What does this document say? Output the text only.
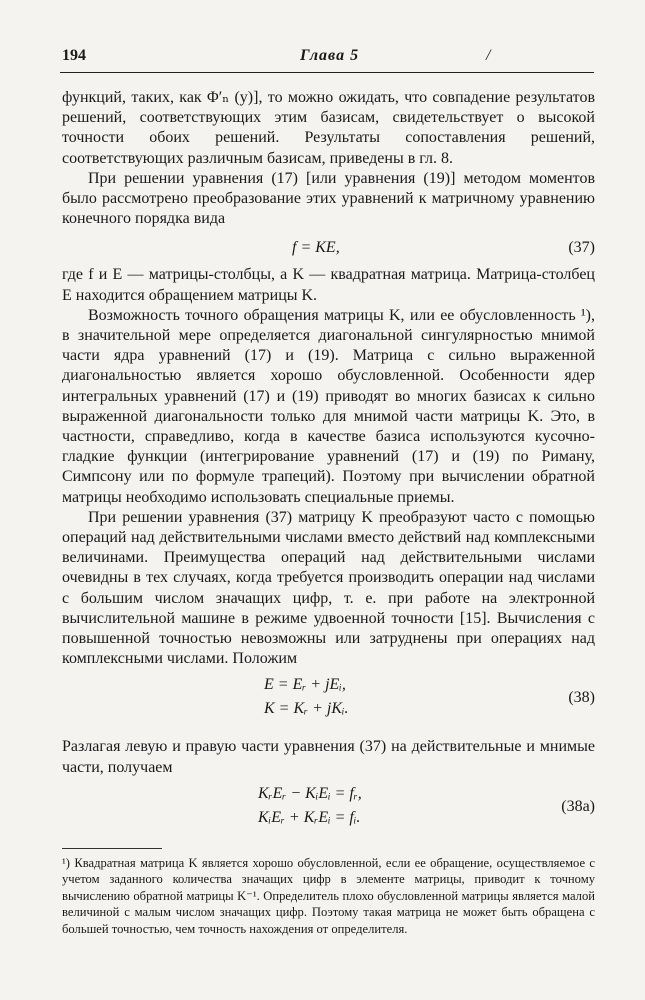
194	Глава 5	/

функций, таких, как Φ′ₙ (y)], то можно ожидать, что совпадение результатов решений, соответствующих этим базисам, свидетельствует о высокой точности обоих решений. Результаты сопоставления решений, соответствующих различным базисам, приведены в гл. 8.

При решении уравнения (17) [или уравнения (19)] методом моментов было рассмотрено преобразование этих уравнений к матричному уравнению конечного порядка вида

f = KE,	(37)

где f и E — матрицы-столбцы, а K — квадратная матрица. Матрица-столбец E находится обращением матрицы K.

Возможность точного обращения матрицы K, или ее обусловленность ¹), в значительной мере определяется диагональной сингулярностью мнимой части ядра уравнений (17) и (19). Матрица с сильно выраженной диагональностью является хорошо обусловленной. Особенности ядер интегральных уравнений (17) и (19) приводят во многих базисах к сильно выраженной диагональности только для мнимой части матрицы K. Это, в частности, справедливо, когда в качестве базиса используются кусочно-гладкие функции (интегрирование уравнений (17) и (19) по Риману, Симпсону или по формуле трапеций). Поэтому при вычислении обратной матрицы необходимо использовать специальные приемы.

При решении уравнения (37) матрицу K преобразуют часто с помощью операций над действительными числами вместо действий над комплексными величинами. Преимущества операций над действительными числами очевидны в тех случаях, когда требуется производить операции над числами с большим числом значащих цифр, т. е. при работе на электронной вычислительной машине в режиме удвоенной точности [15]. Вычисления с повышенной точностью невозможны или затруднены при операциях над комплексными числами. Положим

E = Eᵣ + jEᵢ,
K = Kᵣ + jKᵢ.
(38)

Разлагая левую и правую части уравнения (37) на действительные и мнимые части, получаем

KᵣEᵣ − KᵢEᵢ = fᵣ,
KᵢEᵣ + KᵣEᵢ = fᵢ.
(38a)

¹) Квадратная матрица K является хорошо обусловленной, если ее обращение, осуществляемое с учетом заданного количества значащих цифр в элементе матрицы, приводит к точному вычислению обратной матрицы K⁻¹. Определитель плохо обусловленной матрицы является малой величиной с малым числом значащих цифр. Поэтому такая матрица не может быть обращена с большей точностью, чем точность нахождения от определителя.
